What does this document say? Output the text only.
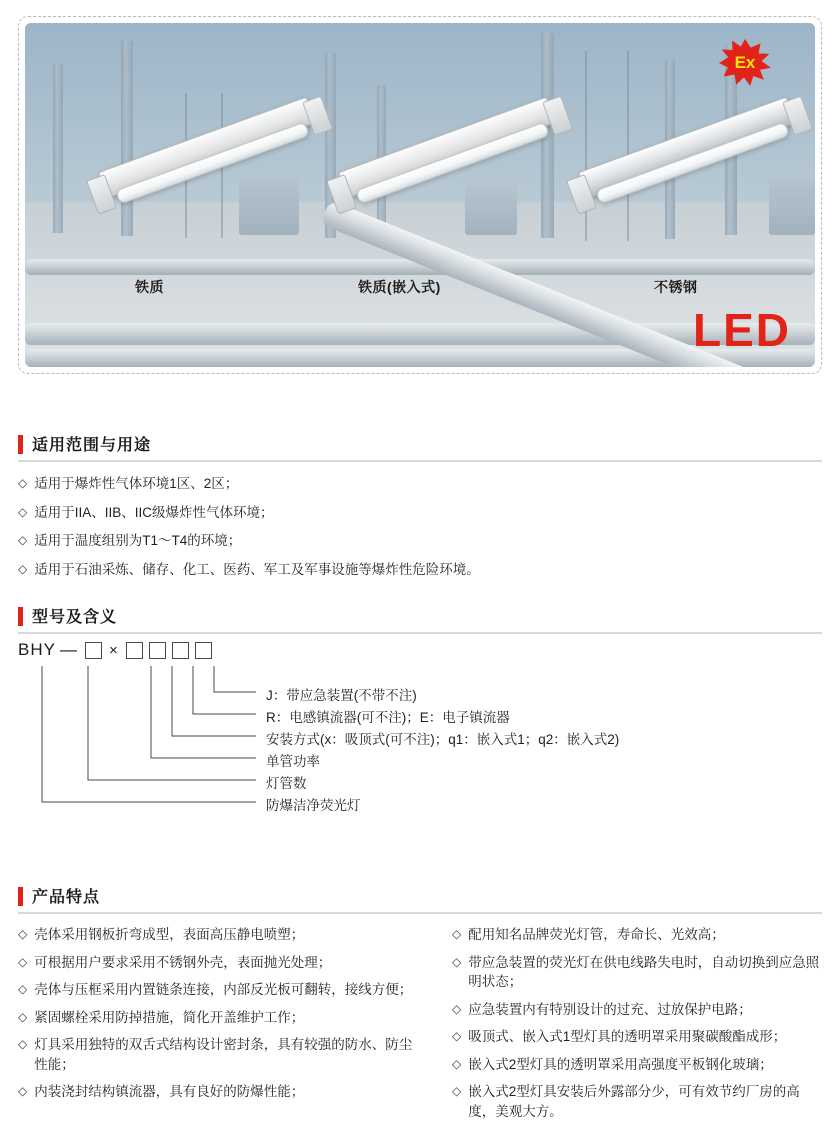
铁质	铁质(嵌入式)	不锈钢
LED
Ex
适用范围与用途
◇ 适用于爆炸性气体环境1区、2区；
◇ 适用于IIA、IIB、IIC级爆炸性气体环境；
◇ 适用于温度组别为T1～T4的环境；
◇ 适用于石油采炼、储存、化工、医药、军工及军事设施等爆炸性危险环境。
型号及含义
BHY — ×
J：带应急装置(不带不注)
R：电感镇流器(可不注)；E：电子镇流器
安装方式(x：吸顶式(可不注)；q1：嵌入式1；q2：嵌入式2)
单管功率
灯管数
防爆洁净荧光灯
产品特点
◇ 壳体采用钢板折弯成型，表面高压静电喷塑；
◇ 可根据用户要求采用不锈钢外壳，表面抛光处理；
◇ 壳体与压框采用内置链条连接，内部反光板可翻转，接线方便；
◇ 紧固螺栓采用防掉措施，简化开盖维护工作；
◇ 灯具采用独特的双舌式结构设计密封条，具有较强的防水、防尘性能；
◇ 内装浇封结构镇流器，具有良好的防爆性能；
◇ 配用知名品牌荧光灯管，寿命长、光效高；
◇ 带应急装置的荧光灯在供电线路失电时，自动切换到应急照明状态；
◇ 应急装置内有特别设计的过充、过放保护电路；
◇ 吸顶式、嵌入式1型灯具的透明罩采用聚碳酸酯成形；
◇ 嵌入式2型灯具的透明罩采用高强度平板钢化玻璃；
◇ 嵌入式2型灯具安装后外露部分少，可有效节约厂房的高度，美观大方。
